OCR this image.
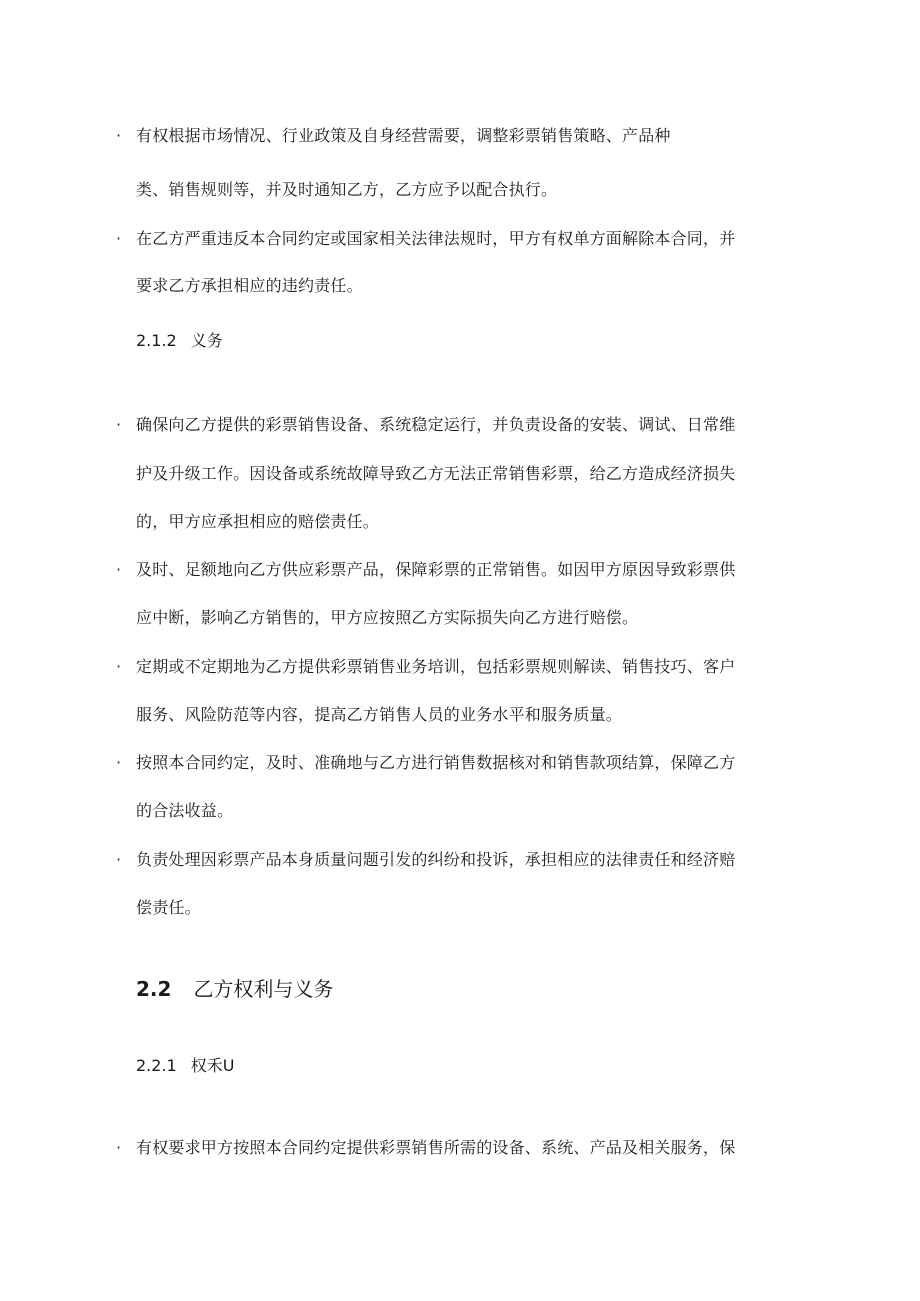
· 有权根据市场情况、行业政策及自身经营需要，调整彩票销售策略、产品种
类、销售规则等，并及时通知乙方，乙方应予以配合执行。
· 在乙方严重违反本合同约定或国家相关法律法规时，甲方有权单方面解除本合同，并
要求乙方承担相应的违约责任。
2.1.2 义务
· 确保向乙方提供的彩票销售设备、系统稳定运行，并负责设备的安装、调试、日常维
护及升级工作。因设备或系统故障导致乙方无法正常销售彩票，给乙方造成经济损失
的，甲方应承担相应的赔偿责任。
· 及时、足额地向乙方供应彩票产品，保障彩票的正常销售。如因甲方原因导致彩票供
应中断，影响乙方销售的，甲方应按照乙方实际损失向乙方进行赔偿。
· 定期或不定期地为乙方提供彩票销售业务培训，包括彩票规则解读、销售技巧、客户
服务、风险防范等内容，提高乙方销售人员的业务水平和服务质量。
· 按照本合同约定，及时、准确地与乙方进行销售数据核对和销售款项结算，保障乙方
的合法收益。
· 负责处理因彩票产品本身质量问题引发的纠纷和投诉，承担相应的法律责任和经济赔
偿责任。
2.2 乙方权利与义务
2.2.1 权禾U
· 有权要求甲方按照本合同约定提供彩票销售所需的设备、系统、产品及相关服务，保
